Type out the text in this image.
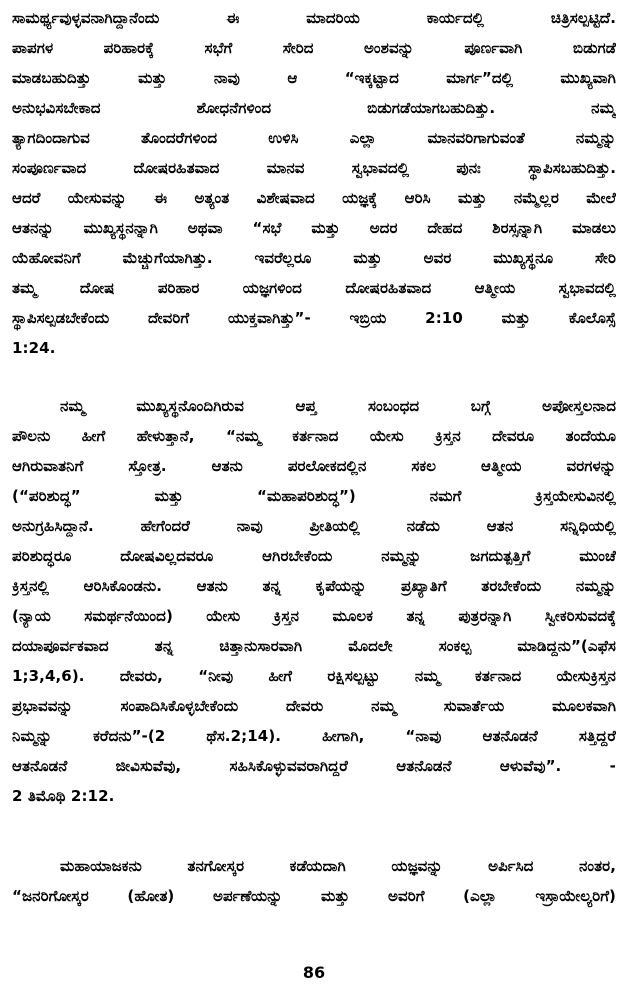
ಸಾಮರ್ಥ್ಯವುಳ್ಳವನಾಗಿದ್ದಾನೆಂದು ಈ ಮಾದರಿಯ ಕಾರ್ಯದಲ್ಲಿ ಚಿತ್ರಿಸಲ್ಪಟ್ಟಿದೆ.
ಪಾಪಗಳ ಪರಿಹಾರಕ್ಕೆ ಸಭೆಗೆ ಸೇರಿದ ಅಂಶವನ್ನು ಪೂರ್ಣವಾಗಿ ಬಿಡುಗಡೆ
ಮಾಡಬಹುದಿತ್ತು ಮತ್ತು ನಾವು ಆ “ಇಕ್ಕಟ್ಟಾದ ಮಾರ್ಗ”ದಲ್ಲಿ ಮುಖ್ಯವಾಗಿ
ಅನುಭವಿಸಬೇಕಾದ ಶೋಧನೆಗಳಿಂದ ಬಿಡುಗಡೆಯಾಗಬಹುದಿತ್ತು. ನಮ್ಮ
ತ್ಯಾಗದಿಂದಾಗುವ ತೊಂದರೆಗಳಿಂದ ಉಳಿಸಿ ಎಲ್ಲಾ ಮಾನವರಿಗಾಗುವಂತೆ ನಮ್ಮನ್ನು
ಸಂಪೂರ್ಣವಾದ ದೋಷರಹಿತವಾದ ಮಾನವ ಸ್ವಭಾವದಲ್ಲಿ ಪುನಃ ಸ್ಥಾಪಿಸಬಹುದಿತ್ತು.
ಆದರೆ ಯೇಸುವನ್ನು ಈ ಅತ್ಯಂತ ವಿಶೇಷವಾದ ಯಜ್ಞಕ್ಕೆ ಆರಿಸಿ ಮತ್ತು ನಮ್ಮೆಲ್ಲರ ಮೇಲೆ
ಆತನನ್ನು ಮುಖ್ಯಸ್ಥನನ್ನಾಗಿ ಅಥವಾ “ಸಭೆ ಮತ್ತು ಅದರ ದೇಹದ ಶಿರಸ್ಸನ್ನಾಗಿ ಮಾಡಲು
ಯೆಹೋವನಿಗೆ ಮೆಚ್ಚುಗೆಯಾಗಿತ್ತು. ಇವರೆಲ್ಲರೂ ಮತ್ತು ಅವರ ಮುಖ್ಯಸ್ಥನೂ ಸೇರಿ
ತಮ್ಮ ದೋಷ ಪರಿಹಾರ ಯಜ್ಞಗಳಿಂದ ದೋಷರಹಿತವಾದ ಆತ್ಮೀಯ ಸ್ವಭಾವದಲ್ಲಿ
ಸ್ಥಾಪಿಸಲ್ಪಡಬೇಕೆಂದು ದೇವರಿಗೆ ಯುಕ್ತವಾಗಿತ್ತು”- ಇಬ್ರಿಯ 2:10 ಮತ್ತು ಕೊಲೊಸ್ಸೆ
1:24.
ನಮ್ಮ ಮುಖ್ಯಸ್ಥನೊಂದಿಗಿರುವ ಆಪ್ತ ಸಂಬಂಧದ ಬಗ್ಗೆ ಅಪೋಸ್ತಲನಾದ
ಪೌಲನು ಹೀಗೆ ಹೇಳುತ್ತಾನೆ, “ನಮ್ಮ ಕರ್ತನಾದ ಯೇಸು ಕ್ರಿಸ್ತನ ದೇವರೂ ತಂದೆಯೂ
ಆಗಿರುವಾತನಿಗೆ ಸ್ತೋತ್ರ. ಆತನು ಪರಲೋಕದಲ್ಲಿನ ಸಕಲ ಆತ್ಮೀಯ ವರಗಳನ್ನು
(“ಪರಿಶುದ್ಧ” ಮತ್ತು “ಮಹಾಪರಿಶುದ್ಧ”) ನಮಗೆ ಕ್ರಿಸ್ತಯೇಸುವಿನಲ್ಲಿ
ಅನುಗ್ರಹಿಸಿದ್ದಾನೆ. ಹೇಗೆಂದರೆ ನಾವು ಪ್ರೀತಿಯಲ್ಲಿ ನಡೆದು ಆತನ ಸನ್ನಿಧಿಯಲ್ಲಿ
ಪರಿಶುದ್ಧರೂ ದೋಷವಿಲ್ಲದವರೂ ಆಗಿರಬೇಕೆಂದು ನಮ್ಮನ್ನು ಜಗದುತ್ಪತ್ತಿಗೆ ಮುಂಚೆ
ಕ್ರಿಸ್ತನಲ್ಲಿ ಆರಿಸಿಕೊಂಡನು. ಆತನು ತನ್ನ ಕೃಪೆಯನ್ನು ಪ್ರಖ್ಯಾತಿಗೆ ತರಬೇಕೆಂದು ನಮ್ಮನ್ನು
(ನ್ಯಾಯ ಸಮರ್ಥನೆಯಿಂದ) ಯೇಸು ಕ್ರಿಸ್ತನ ಮೂಲಕ ತನ್ನ ಪುತ್ರರನ್ನಾಗಿ ಸ್ವೀಕರಿಸುವದಕ್ಕೆ
ದಯಾಪೂರ್ವಕವಾದ ತನ್ನ ಚಿತ್ತಾನುಸಾರವಾಗಿ ಮೊದಲೇ ಸಂಕಲ್ಪ ಮಾಡಿದ್ದನು”(ಎಫೆಸ
1;3,4,6). ದೇವರು, “ನೀವು ಹೀಗೆ ರಕ್ಷಿಸಲ್ಪಟ್ಟು ನಮ್ಮ ಕರ್ತನಾದ ಯೇಸುಕ್ರಿಸ್ತನ
ಪ್ರಭಾವವನ್ನು ಸಂಪಾದಿಸಿಕೊಳ್ಳಬೇಕೆಂದು ದೇವರು ನಮ್ಮ ಸುವಾರ್ತೆಯ ಮೂಲಕವಾಗಿ
ನಿಮ್ಮನ್ನು ಕರೆದನು”-(2 ಥೆಸ.2;14). ಹೀಗಾಗಿ, “ನಾವು ಆತನೊಡನೆ ಸತ್ತಿದ್ದರೆ
ಆತನೊಡನೆ ಜೀವಿಸುವೆವು, ಸಹಿಸಿಕೊಳ್ಳುವವರಾಗಿದ್ದರೆ ಆತನೊಡನೆ ಆಳುವೆವು”. -
2 ತಿಮೊಥಿ 2:12.
ಮಹಾಯಾಜಕನು ತನಗೋಸ್ಕರ ಕಡೆಯದಾಗಿ ಯಜ್ಞವನ್ನು ಅರ್ಪಿಸಿದ ನಂತರ,
“ಜನರಿಗೋಸ್ಕರ (ಹೋತ) ಅರ್ಪಣೆಯನ್ನು ಮತ್ತು ಅವರಿಗೆ (ಎಲ್ಲಾ ಇಸ್ರಾಯೇಲ್ಯರಿಗೆ)
86
